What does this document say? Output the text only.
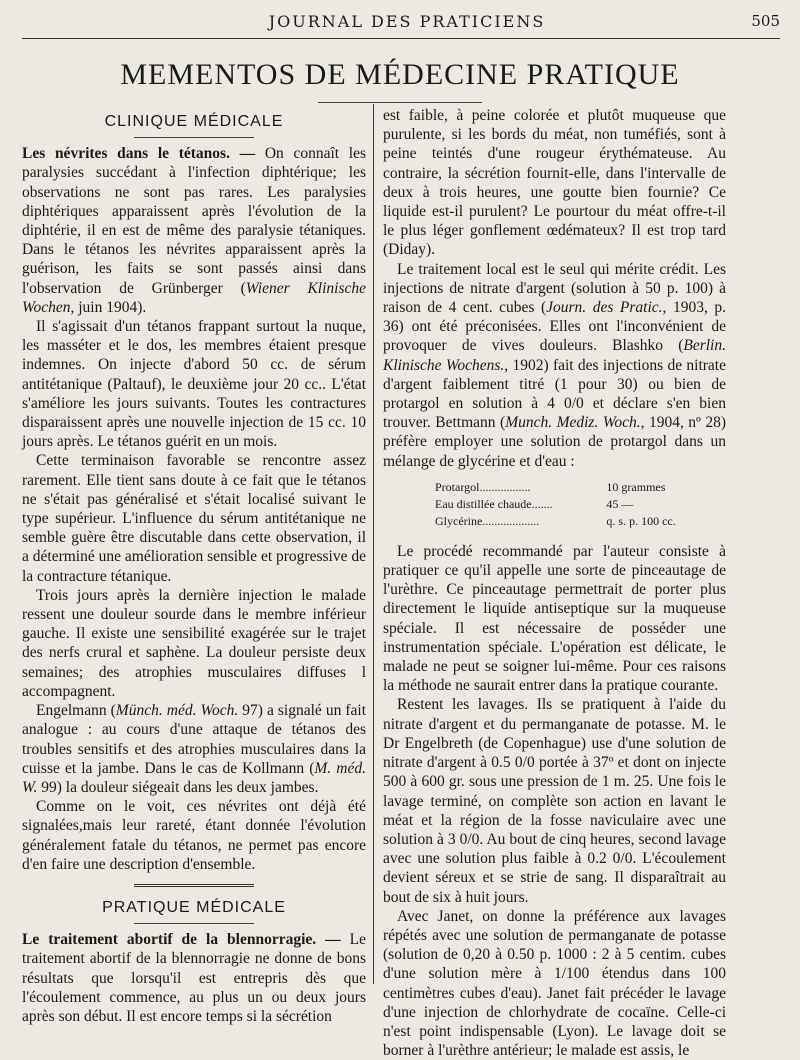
JOURNAL DES PRATICIENS	505
MEMENTOS DE MÉDECINE PRATIQUE
CLINIQUE MÉDICALE

Les névrites dans le tétanos. — On connaît les paralysies succédant à l'infection diphtérique; les observations ne sont pas rares. Les paralysies diphtériques apparaissent après l'évolution de la diphtérie, il en est de même des paralysie tétaniques. Dans le tétanos les névrites apparaissent après la guérison, les faits se sont passés ainsi dans l'observation de Grünberger (Wiener Klinische Wochen, juin 1904).

Il s'agissait d'un tétanos frappant surtout la nuque, les masséter et le dos, les membres étaient presque indemnes. On injecte d'abord 50 cc. de sérum antitétanique (Paltauf), le deuxième jour 20 cc.. L'état s'améliore les jours suivants. Toutes les contractures disparaissent après une nouvelle injection de 15 cc. 10 jours après. Le tétanos guérit en un mois.

Cette terminaison favorable se rencontre assez rarement. Elle tient sans doute à ce fait que le tétanos ne s'était pas généralisé et s'était localisé suivant le type supérieur. L'influence du sérum antitétanique ne semble guère être discutable dans cette observation, il a déterminé une amélioration sensible et progressive de la contracture tétanique.

Trois jours après la dernière injection le malade ressent une douleur sourde dans le membre inférieur gauche. Il existe une sensibilité exagérée sur le trajet des nerfs crural et saphène. La douleur persiste deux semaines; des atrophies musculaires diffuses l accompagnent.

Engelmann (Münch. méd. Woch. 97) a signalé un fait analogue : au cours d'une attaque de tétanos des troubles sensitifs et des atrophies musculaires dans la cuisse et la jambe. Dans le cas de Kollmann (M. méd. W. 99) la douleur siégeait dans les deux jambes.

Comme on le voit, ces névrites ont déjà été signalées,mais leur rareté, étant donnée l'évolution généralement fatale du tétanos, ne permet pas encore d'en faire une description d'ensemble.

PRATIQUE MÉDICALE

Le traitement abortif de la blennorragie. — Le traitement abortif de la blennorragie ne donne de bons résultats que lorsqu'il est entrepris dès que l'écoulement commence, au plus un ou deux jours après son début. Il est encore temps si la sécrétion

est faible, à peine colorée et plutôt muqueuse que purulente, si les bords du méat, non tuméfiés, sont à peine teintés d'une rougeur érythémateuse. Au contraire, la sécrétion fournit-elle, dans l'intervalle de deux à trois heures, une goutte bien fournie? Ce liquide est-il purulent? Le pourtour du méat offre-t-il le plus léger gonflement œdémateux? Il est trop tard (Diday).

Le traitement local est le seul qui mérite crédit. Les injections de nitrate d'argent (solution à 50 p. 100) à raison de 4 cent. cubes (Journ. des Pratic., 1903, p. 36) ont été préconisées. Elles ont l'inconvénient de provoquer de vives douleurs. Blashko (Berlin. Klinische Wochens., 1902) fait des injections de nitrate d'argent faiblement titré (1 pour 30) ou bien de protargol en solution à 4 0/0 et déclare s'en bien trouver. Bettmann (Munch. Mediz. Woch., 1904, nº 28) préfère employer une solution de protargol dans un mélange de glycérine et d'eau :

Protargol.................	10 grammes
Eau distillée chaude.......	45 —
Glycérine...................	q. s. p. 100 cc.

Le procédé recommandé par l'auteur consiste à pratiquer ce qu'il appelle une sorte de pinceautage de l'urèthre. Ce pinceautage permettrait de porter plus directement le liquide antiseptique sur la muqueuse spéciale. Il est nécessaire de posséder une instrumentation spéciale. L'opération est délicate, le malade ne peut se soigner lui-même. Pour ces raisons la méthode ne saurait entrer dans la pratique courante.

Restent les lavages. Ils se pratiquent à l'aide du nitrate d'argent et du permanganate de potasse. M. le Dr Engelbreth (de Copenhague) use d'une solution de nitrate d'argent à 0.5 0/0 portée à 37º et dont on injecte 500 à 600 gr. sous une pression de 1 m. 25. Une fois le lavage terminé, on complète son action en lavant le méat et la région de la fosse naviculaire avec une solution à 3 0/0. Au bout de cinq heures, second lavage avec une solution plus faible à 0.2 0/0. L'écoulement devient séreux et se strie de sang. Il disparaîtrait au bout de six à huit jours.

Avec Janet, on donne la préférence aux lavages répétés avec une solution de permanganate de potasse (solution de 0,20 à 0.50 p. 1000 : 2 à 5 centim. cubes d'une solution mère à 1/100 étendus dans 100 centimètres cubes d'eau). Janet fait précéder le lavage d'une injection de chlorhydrate de cocaïne. Celle-ci n'est point indispensable (Lyon). Le lavage doit se borner à l'urèthre antérieur; le malade est assis, le
